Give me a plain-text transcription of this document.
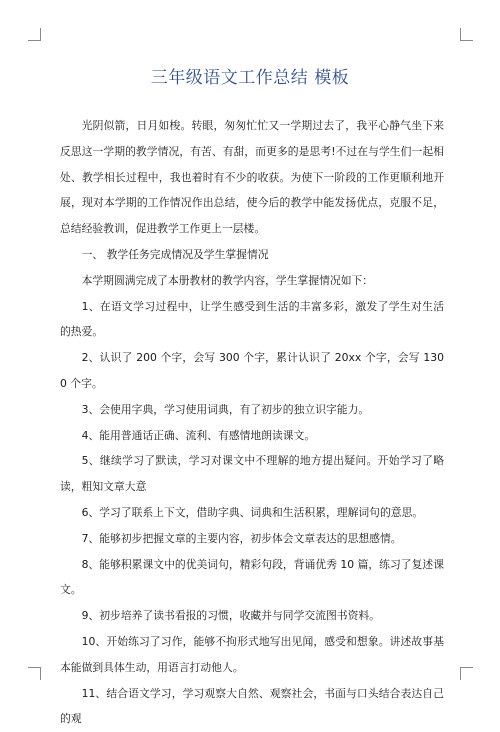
三年级语文工作总结 模板

光阴似箭，日月如梭。转眼，匆匆忙忙又一学期过去了，我平心静气坐下来反思这一学期的教学情况，有苦、有甜，而更多的是思考!不过在与学生们一起相处、教学相长过程中，我也着时有不少的收获。为使下一阶段的工作更顺利地开展，现对本学期的工作情况作出总结，使今后的教学中能发扬优点，克服不足，总结经验教训，促进教学工作更上一层楼。

一、 教学任务完成情况及学生掌握情况

本学期圆满完成了本册教材的教学内容，学生掌握情况如下：

1、在语文学习过程中，让学生感受到生活的丰富多彩，激发了学生对生活的热爱。

2、认识了 200 个字，会写 300 个字，累计认识了 20xx 个字，会写 1300 个字。

3、会使用字典，学习使用词典，有了初步的独立识字能力。

4、能用普通话正确、流利、有感情地朗读课文。

5、继续学习了默读，学习对课文中不理解的地方提出疑问。开始学习了略读，粗知文章大意

6、学习了联系上下文，借助字典、词典和生活积累，理解词句的意思。

7、能够初步把握文章的主要内容，初步体会文章表达的思想感情。

8、能够积累课文中的优美词句，精彩句段，背诵优秀 10 篇，练习了复述课文。

9、初步培养了读书看报的习惯，收藏并与同学交流图书资料。

10、开始练习了习作，能够不拘形式地写出见闻，感受和想象。讲述故事基本能做到具体生动，用语言打动他人。

11、结合语文学习，学习观察大自然、观察社会，书面与口头结合表达自己的观
